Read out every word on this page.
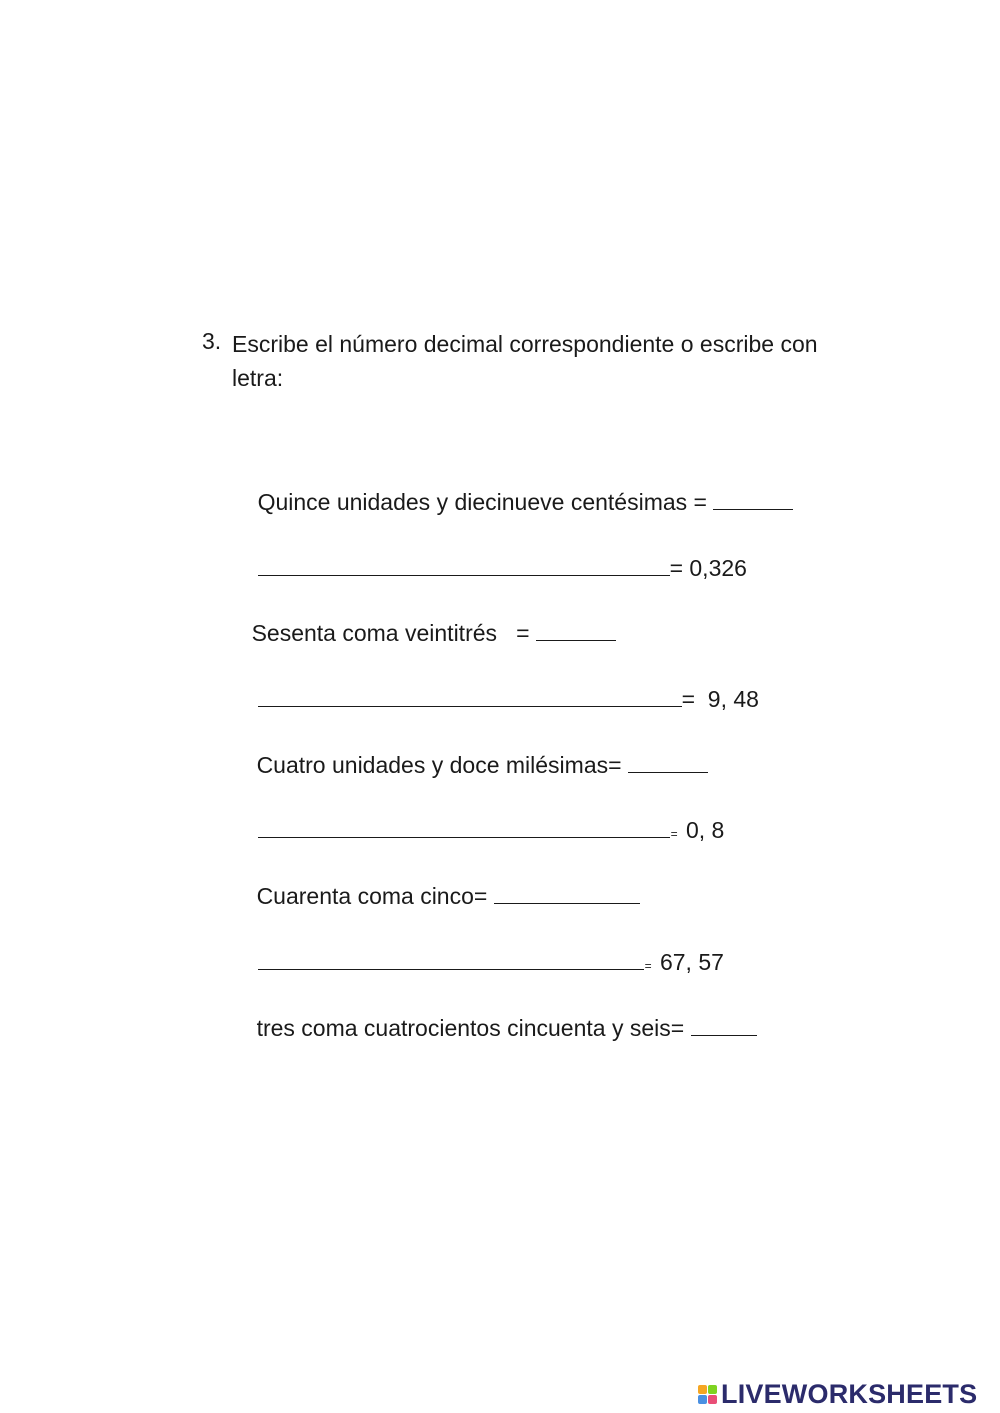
3. Escribe el número decimal correspondiente o escribe con letra:

Quince unidades y diecinueve centésimas =

= 0,326

Sesenta coma veintitrés   =

=  9, 48

Cuatro unidades y doce milésimas=

= 0, 8

Cuarenta coma cinco=

= 67, 57

tres coma cuatrocientos cincuenta y seis=

LIVEWORKSHEETS
